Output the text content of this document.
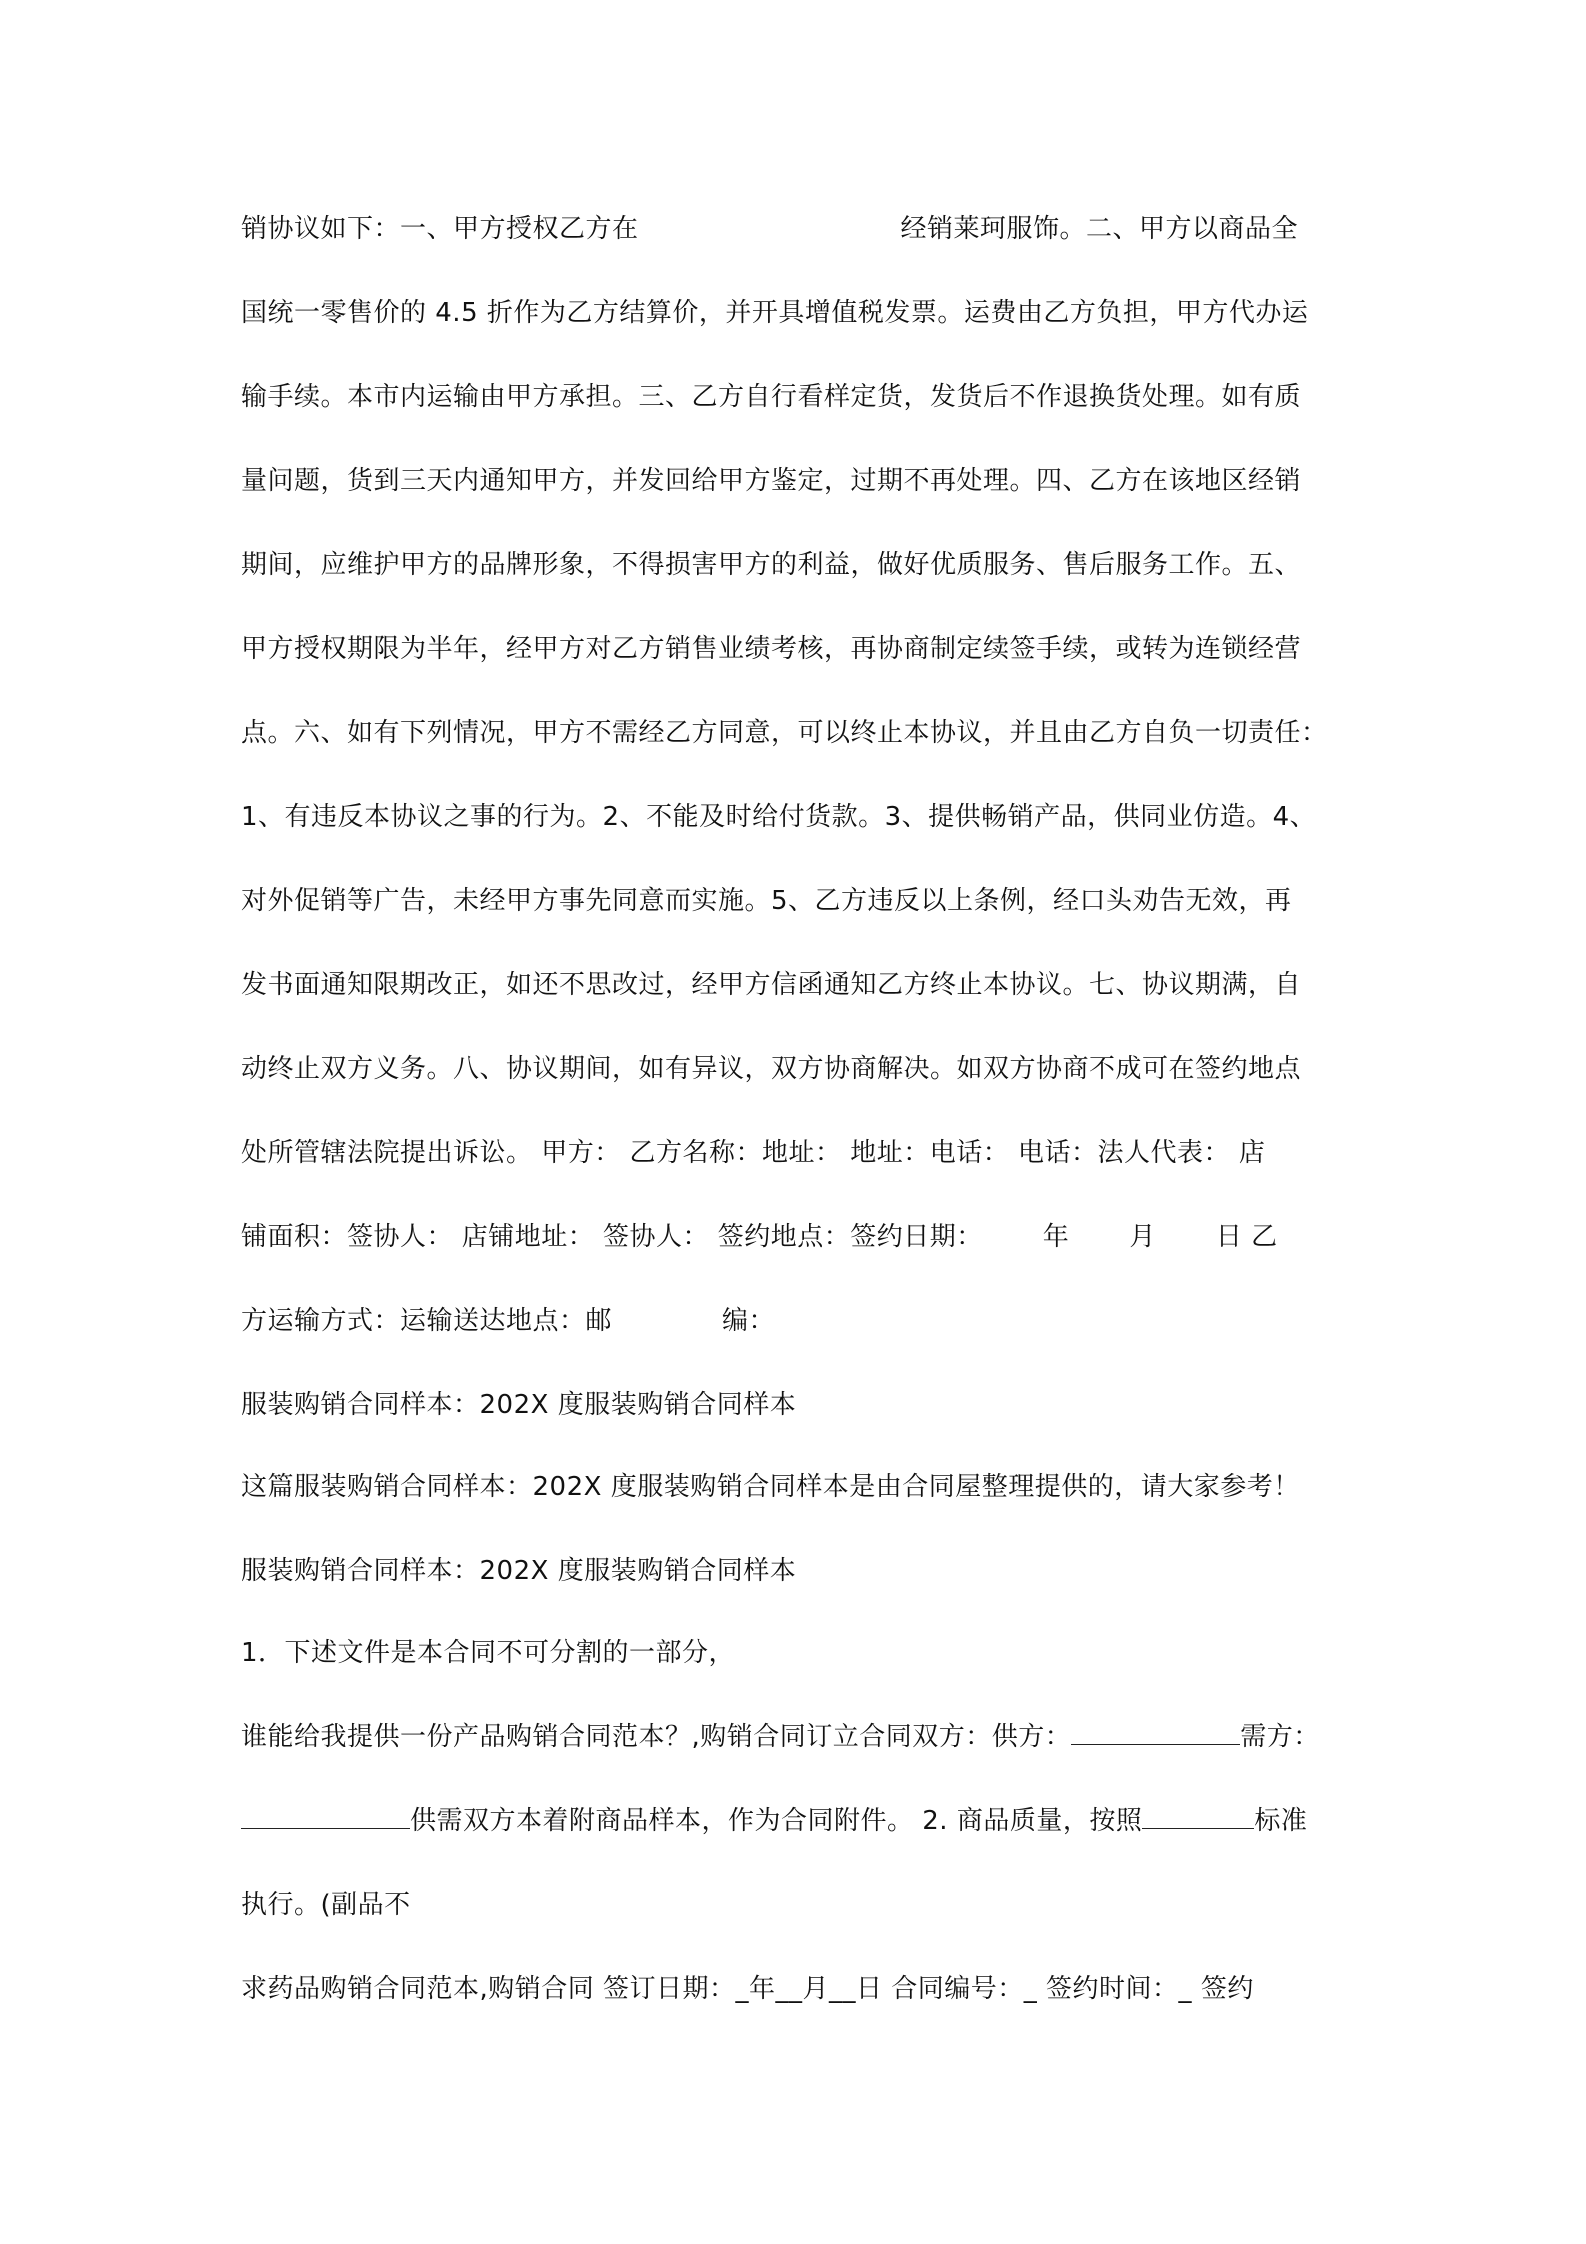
销协议如下：一、甲方授权乙方在	经销莱珂服饰。二、甲方以商品全
国统一零售价的 4.5 折作为乙方结算价，并开具增值税发票。运费由乙方负担，甲方代办运
输手续。本市内运输由甲方承担。三、乙方自行看样定货，发货后不作退换货处理。如有质
量问题，货到三天内通知甲方，并发回给甲方鉴定，过期不再处理。四、乙方在该地区经销
期间，应维护甲方的品牌形象，不得损害甲方的利益，做好优质服务、售后服务工作。五、
甲方授权期限为半年，经甲方对乙方销售业绩考核，再协商制定续签手续，或转为连锁经营
点。六、如有下列情况，甲方不需经乙方同意，可以终止本协议，并且由乙方自负一切责任：
1、有违反本协议之事的行为。2、不能及时给付货款。3、提供畅销产品，供同业仿造。4、
对外促销等广告，未经甲方事先同意而实施。5、乙方违反以上条例，经口头劝告无效，再
发书面通知限期改正，如还不思改过，经甲方信函通知乙方终止本协议。七、协议期满，自
动终止双方义务。八、协议期间，如有异议，双方协商解决。如双方协商不成可在签约地点
处所管辖法院提出诉讼。 甲方： 乙方名称：地址： 地址：电话： 电话：法人代表： 店
铺面积：签协人： 店铺地址： 签协人： 签约地点：签约日期： 年 月 日 乙
方运输方式：运输送达地点：邮	编：
服装购销合同样本：202X 度服装购销合同样本
这篇服装购销合同样本：202X 度服装购销合同样本是由合同屋整理提供的，请大家参考！
服装购销合同样本：202X 度服装购销合同样本
1．下述文件是本合同不可分割的一部分，
谁能给我提供一份产品购销合同范本？,购销合同订立合同双方：供方：	需方：
供需双方本着附商品样本，作为合同附件。 2. 商品质量，按照	标准
执行。(副品不
求药品购销合同范本,购销合同 签订日期：_年__月__日 合同编号：_ 签约时间：_ 签约
